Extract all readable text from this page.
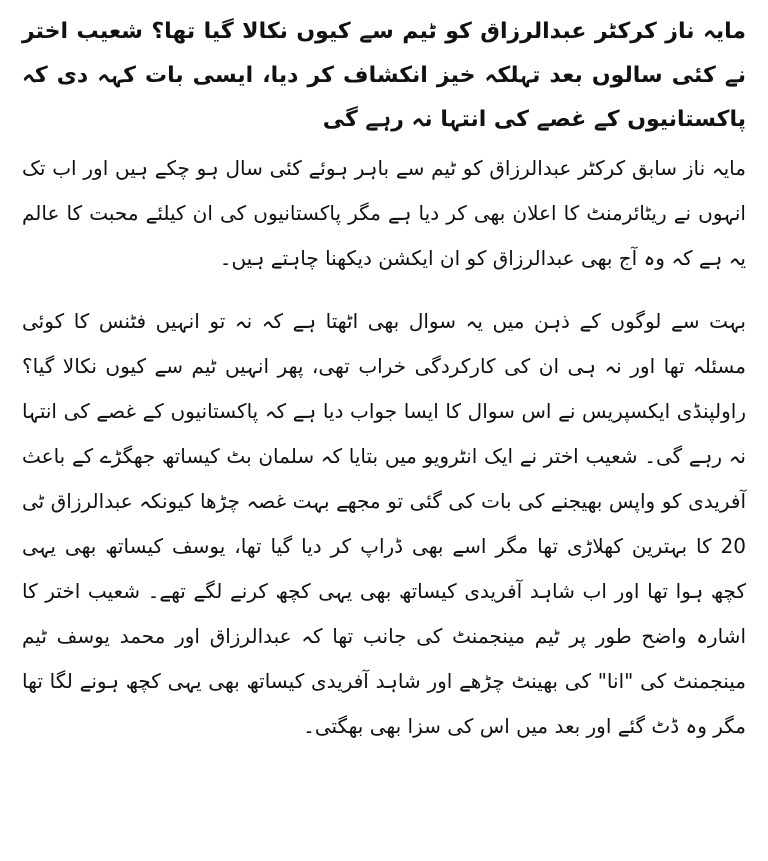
مایہ ناز کرکٹر عبدالرزاق کو ٹیم سے کیوں نکالا گیا تھا؟ شعیب اختر نے کئی سالوں بعد تہلکہ خیز انکشاف کر دیا، ایسی بات کہہ دی کہ پاکستانیوں کے غصے کی انتہا نہ رہے گی

مایہ ناز سابق کرکٹر عبدالرزاق کو ٹیم سے باہر ہوئے کئی سال ہو چکے ہیں اور اب تک انہوں نے ریٹائرمنٹ کا اعلان بھی کر دیا ہے مگر پاکستانیوں کی ان کیلئے محبت کا عالم یہ ہے کہ وہ آج بھی عبدالرزاق کو ان ایکشن دیکھنا چاہتے ہیں۔

بہت سے لوگوں کے ذہن میں یہ سوال بھی اٹھتا ہے کہ نہ تو انہیں فٹنس کا کوئی مسئلہ تھا اور نہ ہی ان کی کارکردگی خراب تھی، پھر انہیں ٹیم سے کیوں نکالا گیا؟ راولپنڈی ایکسپریس نے اس سوال کا ایسا جواب دیا ہے کہ پاکستانیوں کے غصے کی انتہا نہ رہے گی۔ شعیب اختر نے ایک انٹرویو میں بتایا کہ سلمان بٹ کیساتھ جھگڑے کے باعث آفریدی کو واپس بھیجنے کی بات کی گئی تو مجھے بہت غصہ چڑھا کیونکہ عبدالرزاق ٹی 20 کا بہترین کھلاڑی تھا مگر اسے بھی ڈراپ کر دیا گیا تھا، یوسف کیساتھ بھی یہی کچھ ہوا تھا اور اب شاہد آفریدی کیساتھ بھی یہی کچھ کرنے لگے تھے۔ شعیب اختر کا اشارہ واضح طور پر ٹیم مینجمنٹ کی جانب تھا کہ عبدالرزاق اور محمد یوسف ٹیم مینجمنٹ کی "انا" کی بھینٹ چڑھے اور شاہد آفریدی کیساتھ بھی یہی کچھ ہونے لگا تھا مگر وہ ڈٹ گئے اور بعد میں اس کی سزا بھی بھگتی۔
